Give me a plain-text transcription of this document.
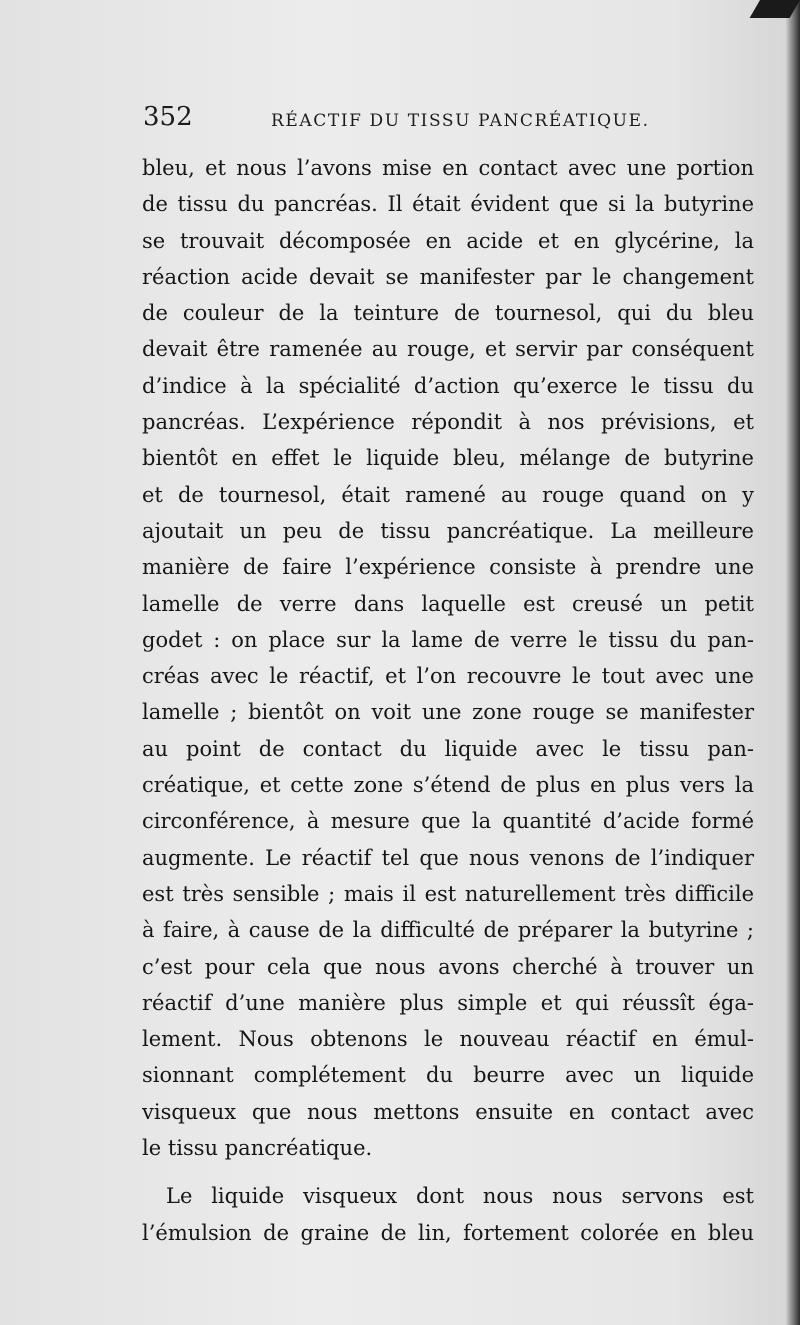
352	RÉACTIF DU TISSU PANCRÉATIQUE.
bleu, et nous l’avons mise en contact avec une portion
de tissu du pancréas. Il était évident que si la butyrine
se trouvait décomposée en acide et en glycérine, la
réaction acide devait se manifester par le changement
de couleur de la teinture de tournesol, qui du bleu
devait être ramenée au rouge, et servir par conséquent
d’indice à la spécialité d’action qu’exerce le tissu du
pancréas. L’expérience répondit à nos prévisions, et
bientôt en effet le liquide bleu, mélange de butyrine
et de tournesol, était ramené au rouge quand on y
ajoutait un peu de tissu pancréatique. La meilleure
manière de faire l’expérience consiste à prendre une
lamelle de verre dans laquelle est creusé un petit
godet : on place sur la lame de verre le tissu du pan-
créas avec le réactif, et l’on recouvre le tout avec une
lamelle ; bientôt on voit une zone rouge se manifester
au point de contact du liquide avec le tissu pan-
créatique, et cette zone s’étend de plus en plus vers la
circonférence, à mesure que la quantité d’acide formé
augmente. Le réactif tel que nous venons de l’indiquer
est très sensible ; mais il est naturellement très difficile
à faire, à cause de la difficulté de préparer la butyrine ;
c’est pour cela que nous avons cherché à trouver un
réactif d’une manière plus simple et qui réussît éga-
lement. Nous obtenons le nouveau réactif en émul-
sionnant complétement du beurre avec un liquide
visqueux que nous mettons ensuite en contact avec
le tissu pancréatique.
Le liquide visqueux dont nous nous servons est
l’émulsion de graine de lin, fortement colorée en bleu
